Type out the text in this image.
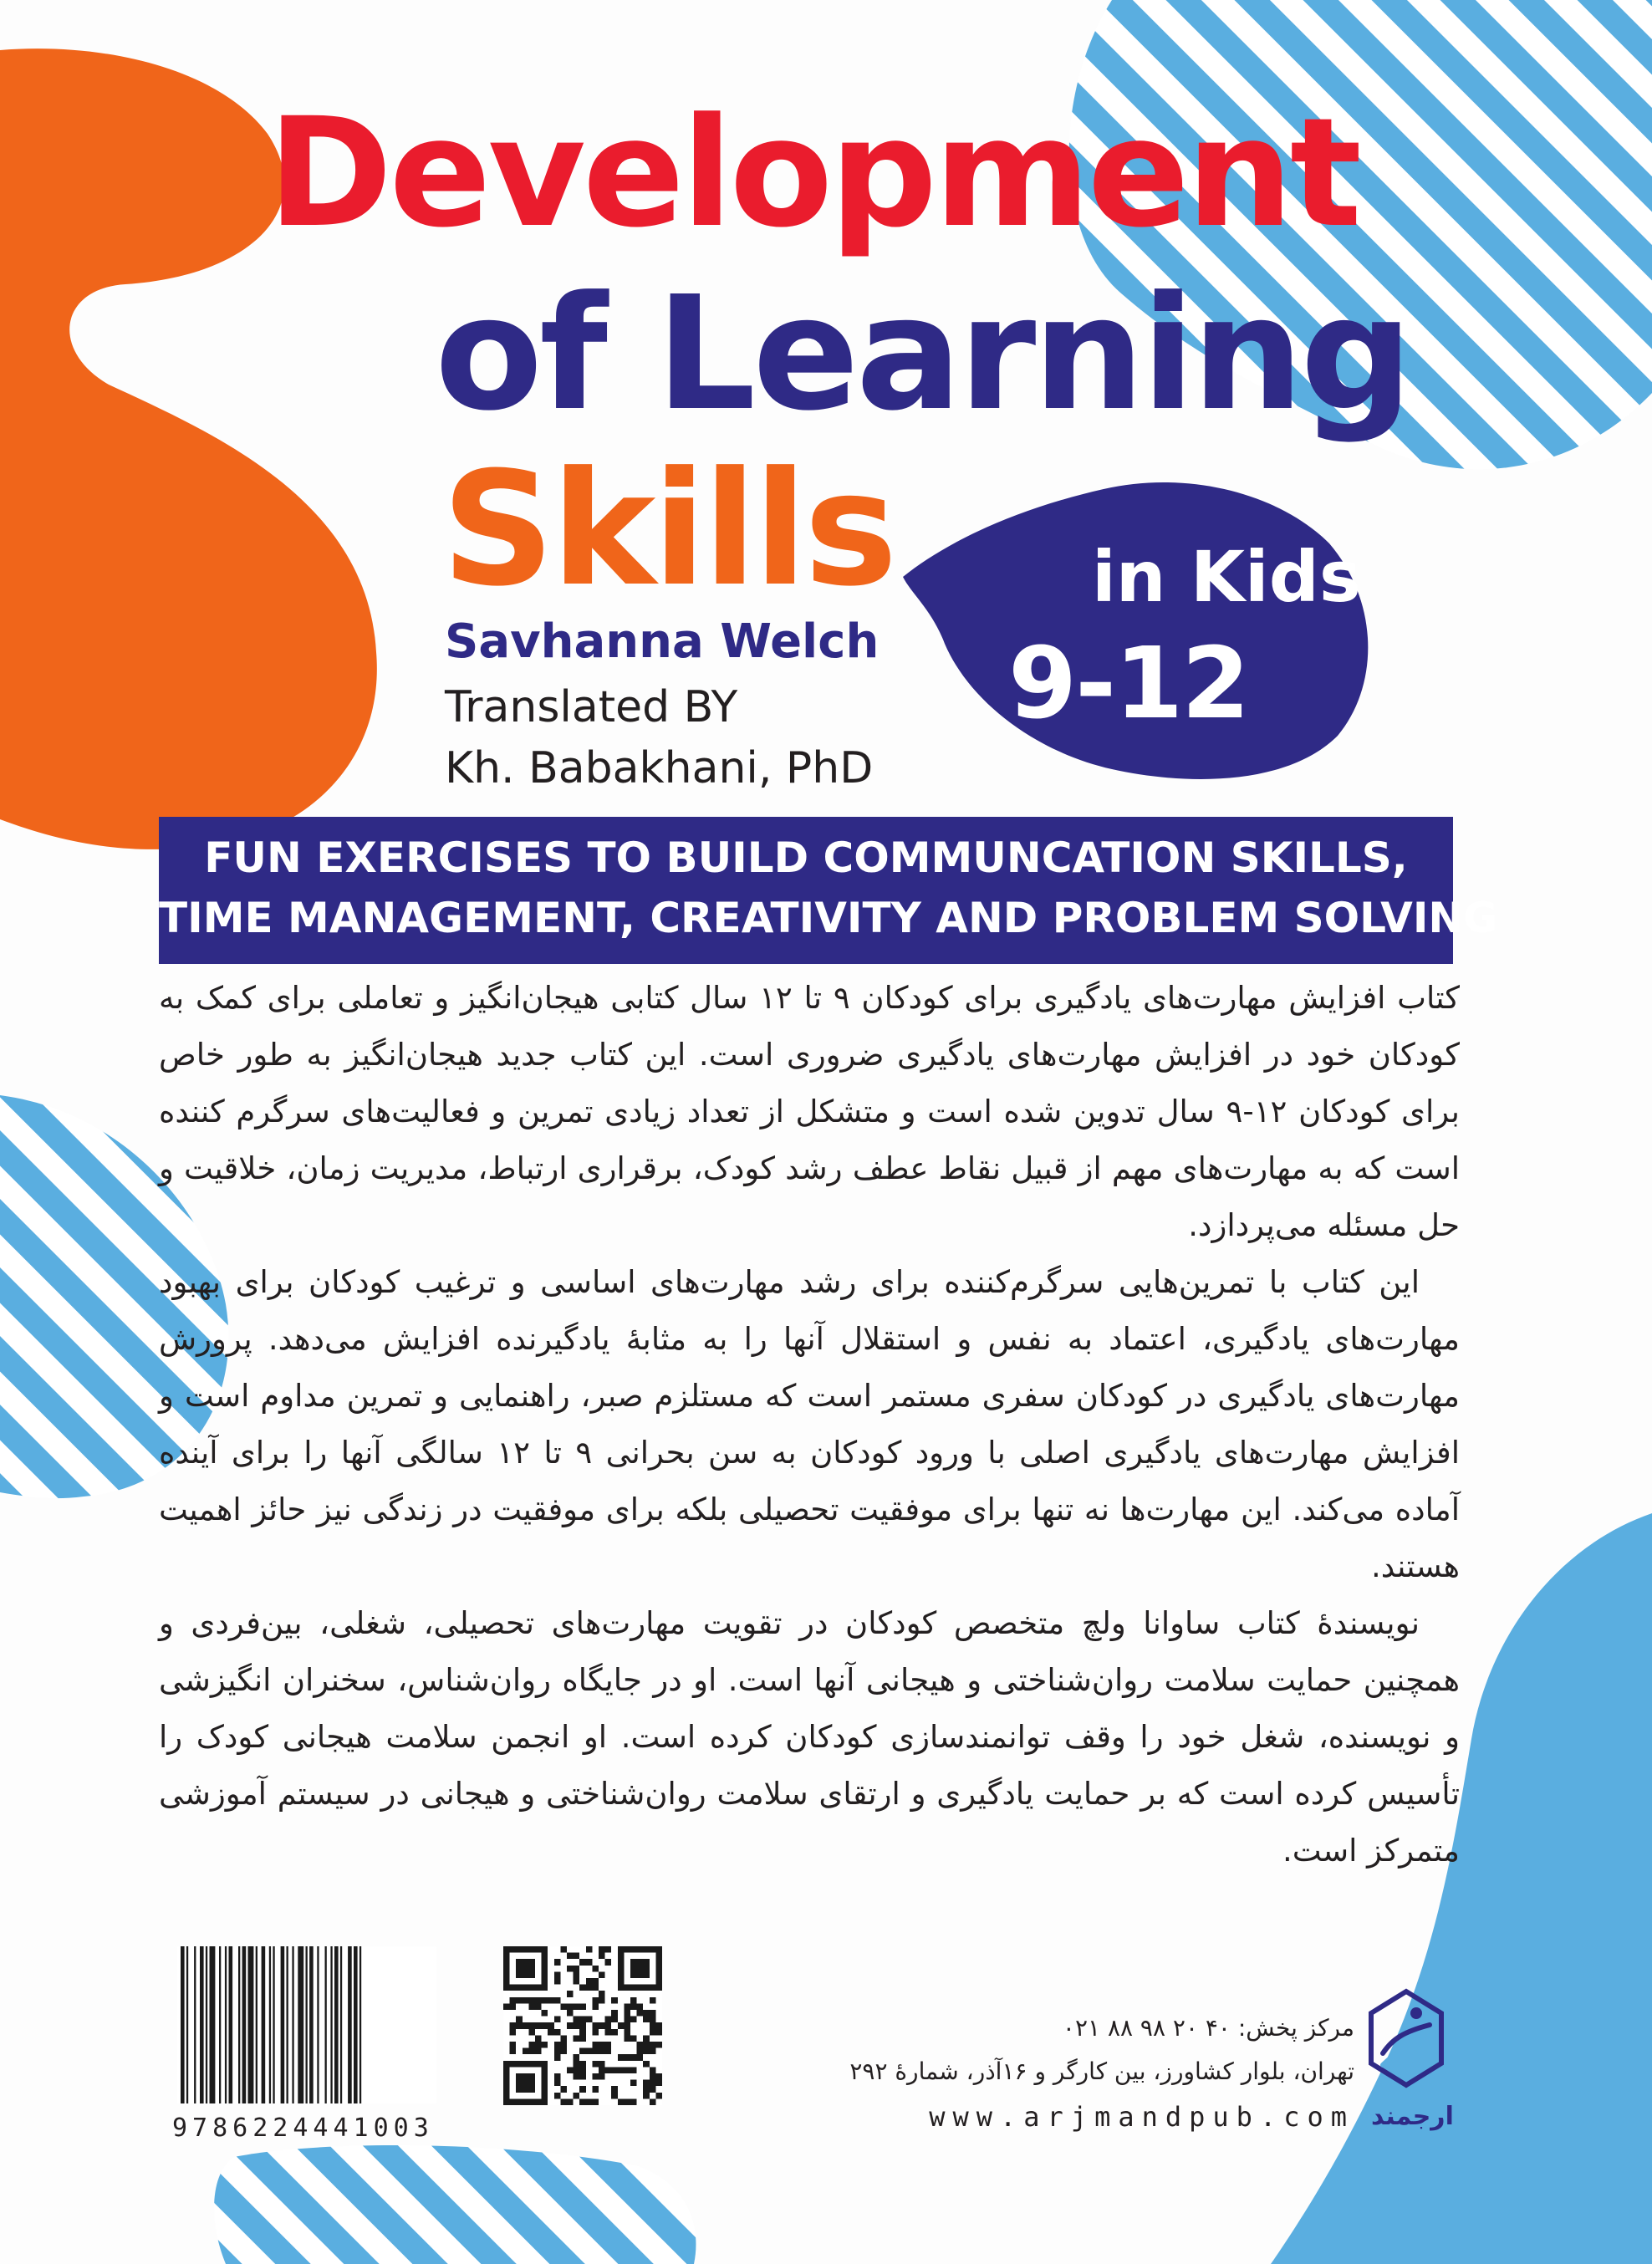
Development
of Learning
Skills	in Kids
9-12
Savhanna Welch
Translated BY
Kh. Babakhani, PhD
FUN EXERCISES TO BUILD COMMUNCATION SKILLS,
TIME MANAGEMENT, CREATIVITY AND PROBLEM SOLVING

کتاب افزایش مهارت‌های یادگیری برای کودکان ۹ تا ۱۲ سال کتابی هیجان‌انگیز و تعاملی برای کمک به کودکان خود در افزایش مهارت‌های یادگیری ضروری است. این کتاب جدید هیجان‌انگیز به طور خاص برای کودکان ۱۲-۹ سال تدوین شده است و متشکل از تعداد زیادی تمرین و فعالیت‌های سرگرم کننده است که به مهارت‌های مهم از قبیل نقاط عطف رشد کودک، برقراری ارتباط، مدیریت زمان، خلاقیت و حل مسئله می‌پردازد.

این کتاب با تمرین‌هایی سرگرم‌کننده برای رشد مهارت‌های اساسی و ترغیب کودکان برای بهبود مهارت‌های یادگیری، اعتماد به نفس و استقلال آنها را به مثابهٔ یادگیرنده افزایش می‌دهد. پرورش مهارت‌های یادگیری در کودکان سفری مستمر است که مستلزم صبر، راهنمایی و تمرین مداوم است و افزایش مهارت‌های یادگیری اصلی با ورود کودکان به سن بحرانی ۹ تا ۱۲ سالگی آنها را برای آینده آماده می‌کند. این مهارت‌ها نه تنها برای موفقیت تحصیلی بلکه برای موفقیت در زندگی نیز حائز اهمیت هستند.

نویسندهٔ کتاب ساوانا ولچ متخصص کودکان در تقویت مهارت‌های تحصیلی، شغلی، بین‌فردی و همچنین حمایت سلامت روان‌شناختی و هیجانی آنها است. او در جایگاه روان‌شناس، سخنران انگیزشی و نویسنده، شغل خود را وقف توانمندسازی کودکان کرده است. او انجمن سلامت هیجانی کودک را تأسیس کرده است که بر حمایت یادگیری و ارتقای سلامت روان‌شناختی و هیجانی در سیستم آموزشی متمرکز است.

9786224441003
مرکز پخش: ۴۰ ۲۰ ۹۸ ۸۸ ۰۲۱
تهران، بلوار کشاورز، بین کارگر و ۱۶آذر، شمارهٔ ۲۹۲
www.arjmandpub.com ارجمند
